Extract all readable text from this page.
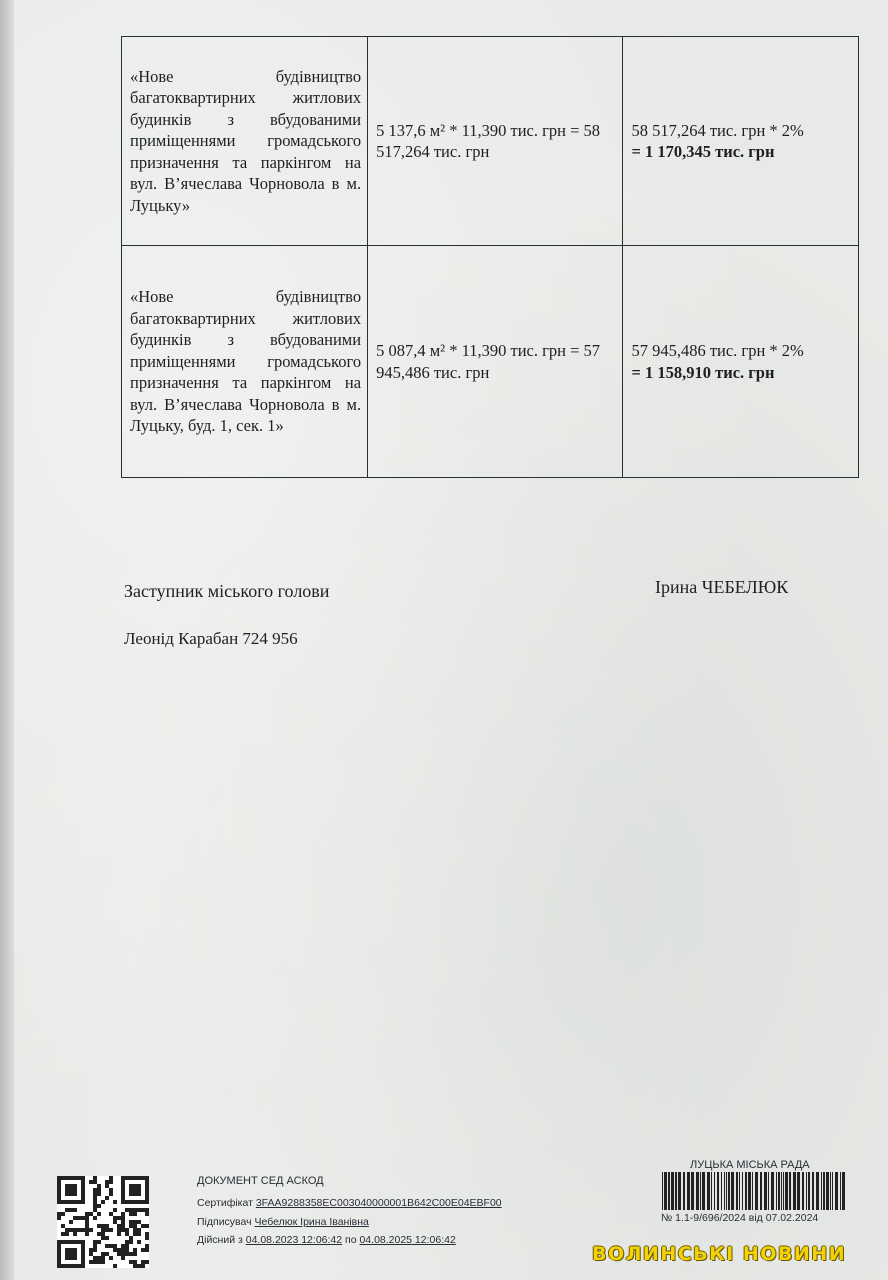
«Нове будівництво багатоквартирних житлових будинків з вбудованими приміщеннями громадського призначення та паркінгом на вул. В’ячеслава Чорновола в м. Луцьку»	5 137,6 м² * 11,390 тис. грн = 58 517,264 тис. грн	58 517,264 тис. грн * 2%
= 1 170,345 тис. грн
«Нове будівництво багатоквартирних житлових будинків з вбудованими приміщеннями громадського призначення та паркінгом на вул. В’ячеслава Чорновола в м. Луцьку, буд. 1, сек. 1»	5 087,4 м² * 11,390 тис. грн = 57 945,486 тис. грн	57 945,486 тис. грн * 2%
= 1 158,910 тис. грн
Заступник міського голови	Ірина ЧЕБЕЛЮК
Леонід Карабан 724 956
ДОКУМЕНТ СЕД АСКОД
Сертифікат 3FAA9288358EC003040000001B642C00E04EBF00
Підписувач Чебелюк Ірина Іванівна
Дійсний з 04.08.2023 12:06:42 по 04.08.2025 12:06:42
ЛУЦЬКА МІСЬКА РАДА
№ 1.1-9/696/2024 від 07.02.2024
ВОЛИНСЬКІ НОВИНИ
